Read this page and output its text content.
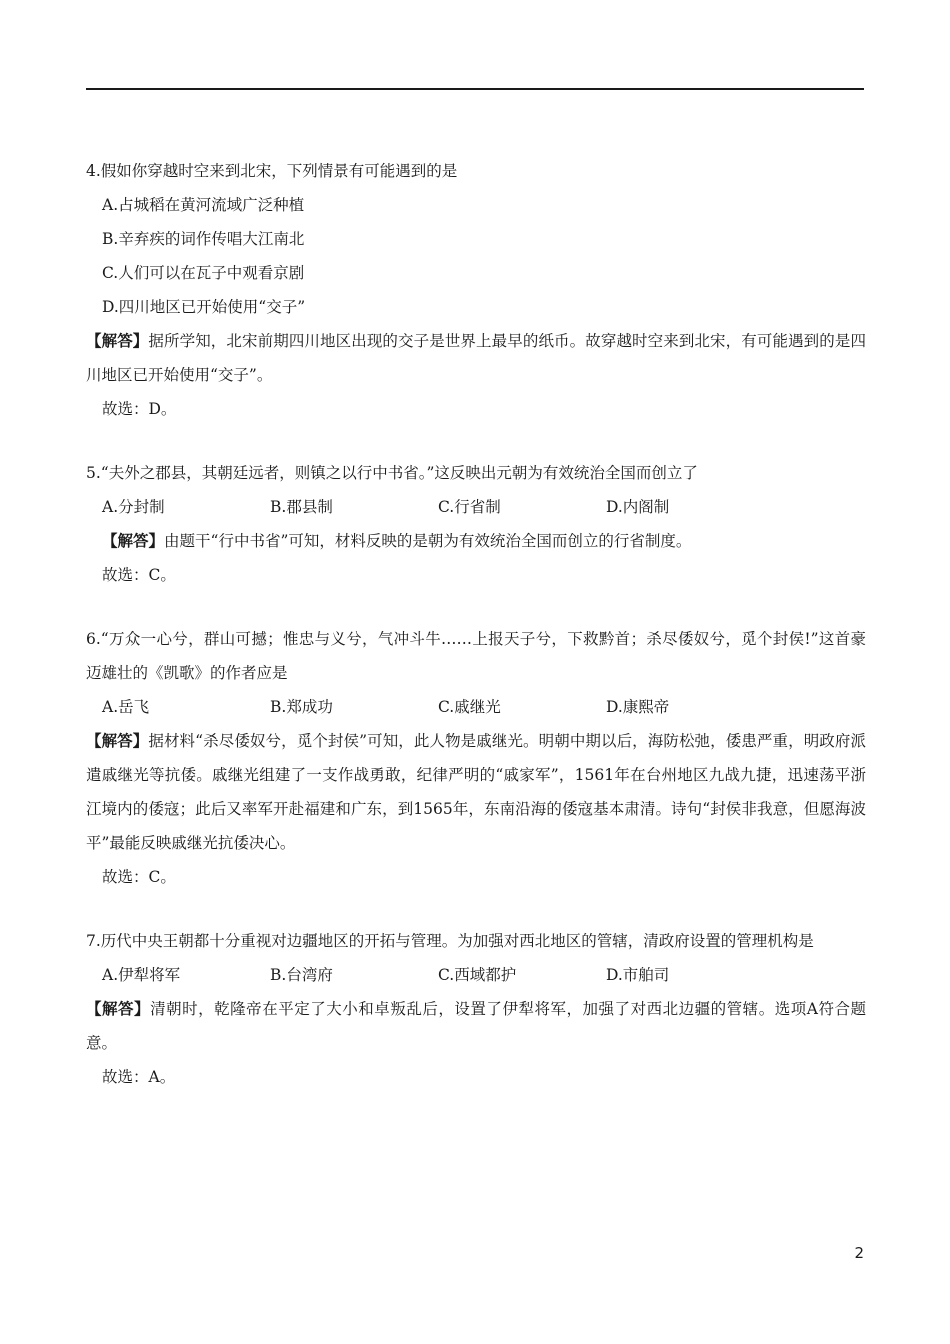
4.假如你穿越时空来到北宋，下列情景有可能遇到的是

A.占城稻在黄河流域广泛种植

B.辛弃疾的词作传唱大江南北

C.人们可以在瓦子中观看京剧

D.四川地区已开始使用“交子”

【解答】据所学知，北宋前期四川地区出现的交子是世界上最早的纸币。故穿越时空来到北宋，有可能遇到的是四川地区已开始使用“交子”。

故选：D。

5.“夫外之郡县，其朝廷远者，则镇之以行中书省。”这反映出元朝为有效统治全国而创立了

A.分封制	B.郡县制	C.行省制	D.内阁制

【解答】由题干“行中书省”可知，材料反映的是朝为有效统治全国而创立的行省制度。

故选：C。

6.“万众一心兮，群山可撼；惟忠与义兮，气冲斗牛……上报天子兮，下救黔首；杀尽倭奴兮，觅个封侯!”这首豪迈雄壮的《凯歌》的作者应是

A.岳飞	B.郑成功	C.戚继光	D.康熙帝

【解答】据材料“杀尽倭奴兮，觅个封侯”可知，此人物是戚继光。明朝中期以后，海防松弛，倭患严重，明政府派遣戚继光等抗倭。戚继光组建了一支作战勇敢，纪律严明的“戚家军”，1561年在台州地区九战九捷，迅速荡平浙江境内的倭寇；此后又率军开赴福建和广东，到1565年，东南沿海的倭寇基本肃清。诗句“封侯非我意，但愿海波平”最能反映戚继光抗倭决心。

故选：C。

7.历代中央王朝都十分重视对边疆地区的开拓与管理。为加强对西北地区的管辖，清政府设置的管理机构是

A.伊犁将军	B.台湾府	C.西域都护	D.市舶司

【解答】清朝时，乾隆帝在平定了大小和卓叛乱后，设置了伊犁将军，加强了对西北边疆的管辖。选项A符合题意。

故选：A。

2
